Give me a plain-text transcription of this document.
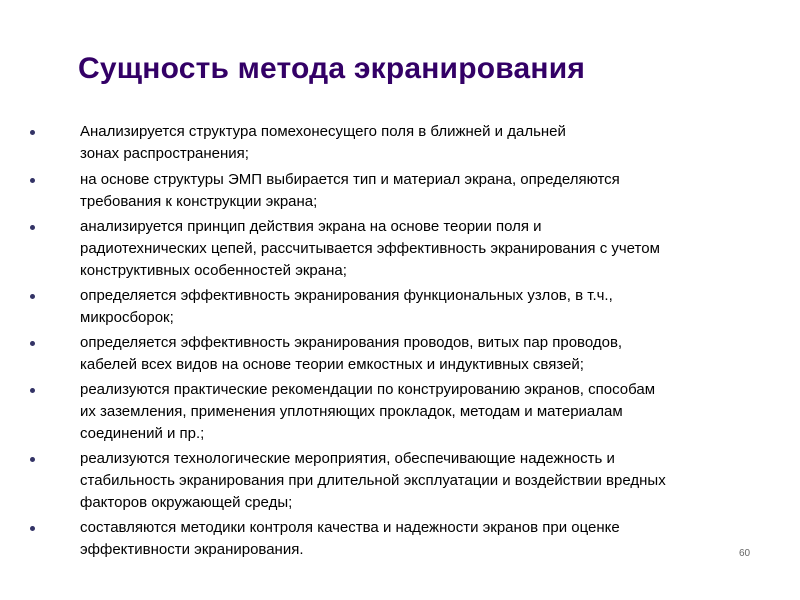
Сущность метода экранирования
Анализируется структура помехонесущего поля в ближней и дальней
зонах распространения;
на основе структуры ЭМП выбирается тип и материал экрана, определяются
требования к конструкции экрана;
анализируется принцип действия экрана на основе теории поля и
радиотехнических цепей, рассчитывается эффективность экранирования с учетом
конструктивных особенностей экрана;
определяется эффективность экранирования функциональных узлов, в т.ч.,
микросборок;
определяется эффективность экранирования проводов, витых пар проводов,
кабелей всех видов на основе теории емкостных и индуктивных связей;
реализуются практические рекомендации по конструированию экранов, способам
их заземления, применения уплотняющих прокладок, методам и материалам
соединений и пр.;
реализуются технологические мероприятия, обеспечивающие надежность и
стабильность экранирования при длительной эксплуатации и воздействии вредных
факторов окружающей среды;
составляются методики контроля качества и надежности экранов при оценке
эффективности экранирования.	60
